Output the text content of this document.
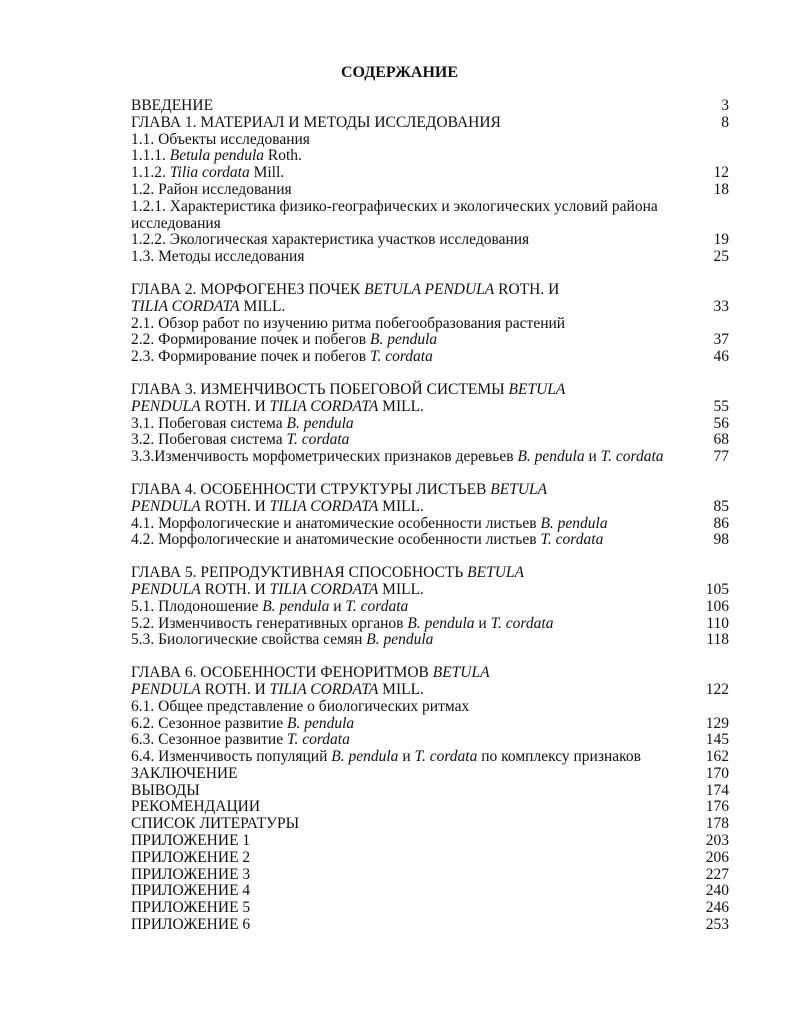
СОДЕРЖАНИЕ
ВВЕДЕНИЕ	3
ГЛАВА 1. МАТЕРИАЛ И МЕТОДЫ ИССЛЕДОВАНИЯ	8
1.1. Объекты исследования
1.1.1. Betula pendula Roth.
1.1.2. Tilia cordata Mill.	12
1.2. Район исследования	18
1.2.1. Характеристика физико-географических и экологических условий района исследования
1.2.2. Экологическая характеристика участков исследования	19
1.3. Методы исследования	25
ГЛАВА 2. МОРФОГЕНЕЗ ПОЧЕК BETULA PENDULA ROTH. И
TILIA CORDATA MILL.	33
2.1. Обзор работ по изучению ритма побегообразования растений
2.2. Формирование почек и побегов B. pendula	37
2.3. Формирование почек и побегов T. cordata	46
ГЛАВА 3. ИЗМЕНЧИВОСТЬ ПОБЕГОВОЙ СИСТЕМЫ BETULA
PENDULA ROTH. И TILIA CORDATA MILL.	55
3.1. Побеговая система B. pendula	56
3.2. Побеговая система T. cordata	68
3.3.Изменчивость морфометрических признаков деревьев B. pendula и T. cordata	77
ГЛАВА 4. ОСОБЕННОСТИ СТРУКТУРЫ ЛИСТЬЕВ BETULA
PENDULA ROTH. И TILIA CORDATA MILL.	85
4.1. Морфологические и анатомические особенности листьев B. pendula	86
4.2. Морфологические и анатомические особенности листьев T. cordata	98
ГЛАВА 5. РЕПРОДУКТИВНАЯ СПОСОБНОСТЬ BETULA
PENDULA ROTH. И TILIA CORDATA MILL.	105
5.1. Плодоношение B. pendula и T. cordata	106
5.2. Изменчивость генеративных органов B. pendula и T. cordata	110
5.3. Биологические свойства семян B. pendula	118
ГЛАВА 6. ОСОБЕННОСТИ ФЕНОРИТМОВ BETULA
PENDULA ROTH. И TILIA CORDATA MILL.	122
6.1. Общее представление о биологических ритмах
6.2. Сезонное развитие B. pendula	129
6.3. Сезонное развитие T. cordata	145
6.4. Изменчивость популяций B. pendula и T. cordata по комплексу признаков	162
ЗАКЛЮЧЕНИЕ	170
ВЫВОДЫ	174
РЕКОМЕНДАЦИИ	176
СПИСОК ЛИТЕРАТУРЫ	178
ПРИЛОЖЕНИЕ 1	203
ПРИЛОЖЕНИЕ 2	206
ПРИЛОЖЕНИЕ 3	227
ПРИЛОЖЕНИЕ 4	240
ПРИЛОЖЕНИЕ 5	246
ПРИЛОЖЕНИЕ 6	253
